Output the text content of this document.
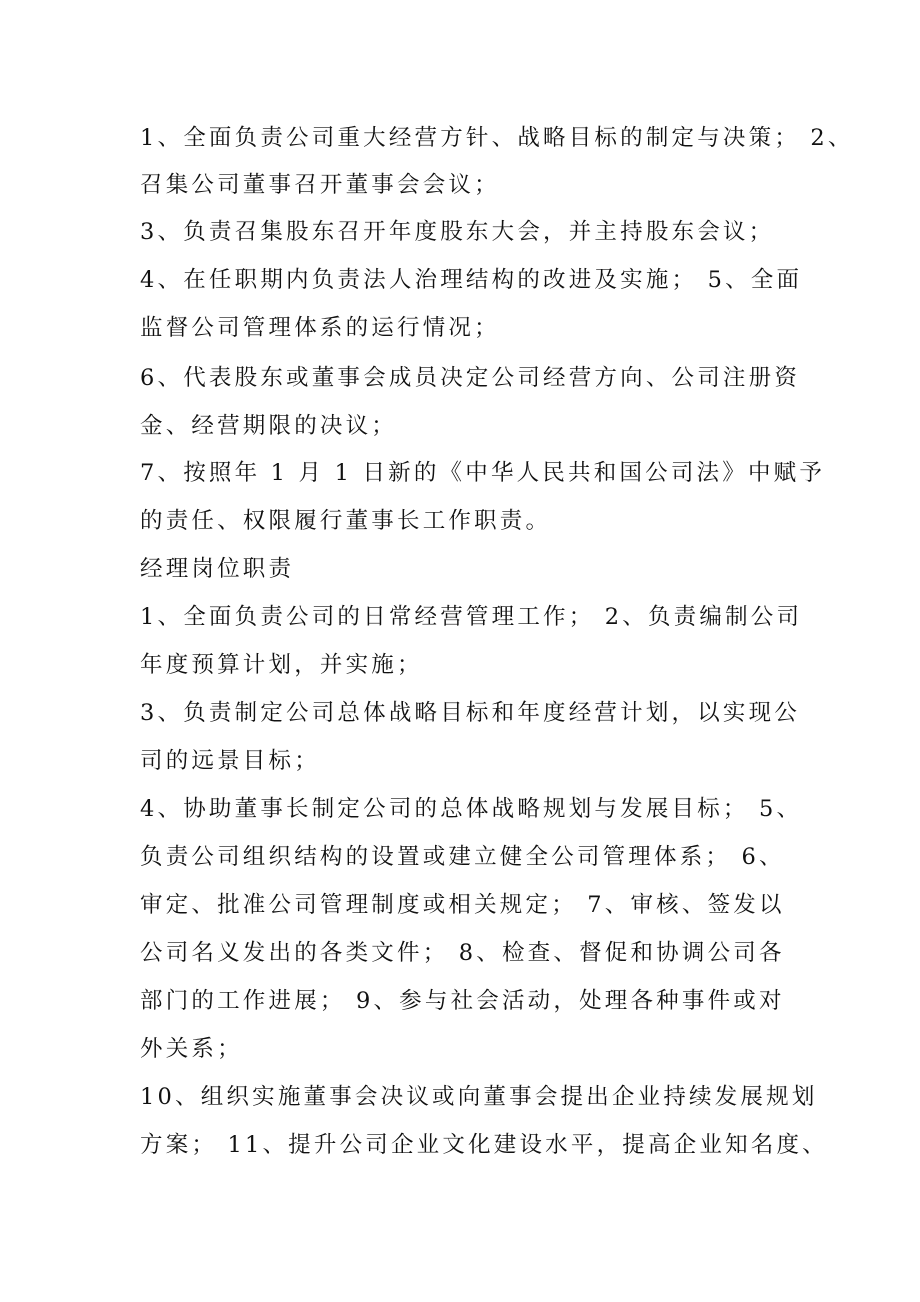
1、全面负责公司重大经营方针、战略目标的制定与决策； 2、
召集公司董事召开董事会会议；
3、负责召集股东召开年度股东大会，并主持股东会议；
4、在任职期内负责法人治理结构的改进及实施； 5、全面
监督公司管理体系的运行情况；
6、代表股东或董事会成员决定公司经营方向、公司注册资
金、经营期限的决议；
7、按照年 1 月 1 日新的《中华人民共和国公司法》中赋予
的责任、权限履行董事长工作职责。
经理岗位职责
1、全面负责公司的日常经营管理工作； 2、负责编制公司
年度预算计划，并实施；
3、负责制定公司总体战略目标和年度经营计划，以实现公
司的远景目标；
4、协助董事长制定公司的总体战略规划与发展目标； 5、
负责公司组织结构的设置或建立健全公司管理体系； 6、
审定、批准公司管理制度或相关规定； 7、审核、签发以
公司名义发出的各类文件； 8、检查、督促和协调公司各
部门的工作进展； 9、参与社会活动，处理各种事件或对
外关系；
10、组织实施董事会决议或向董事会提出企业持续发展规划
方案； 11、提升公司企业文化建设水平，提高企业知名度、
